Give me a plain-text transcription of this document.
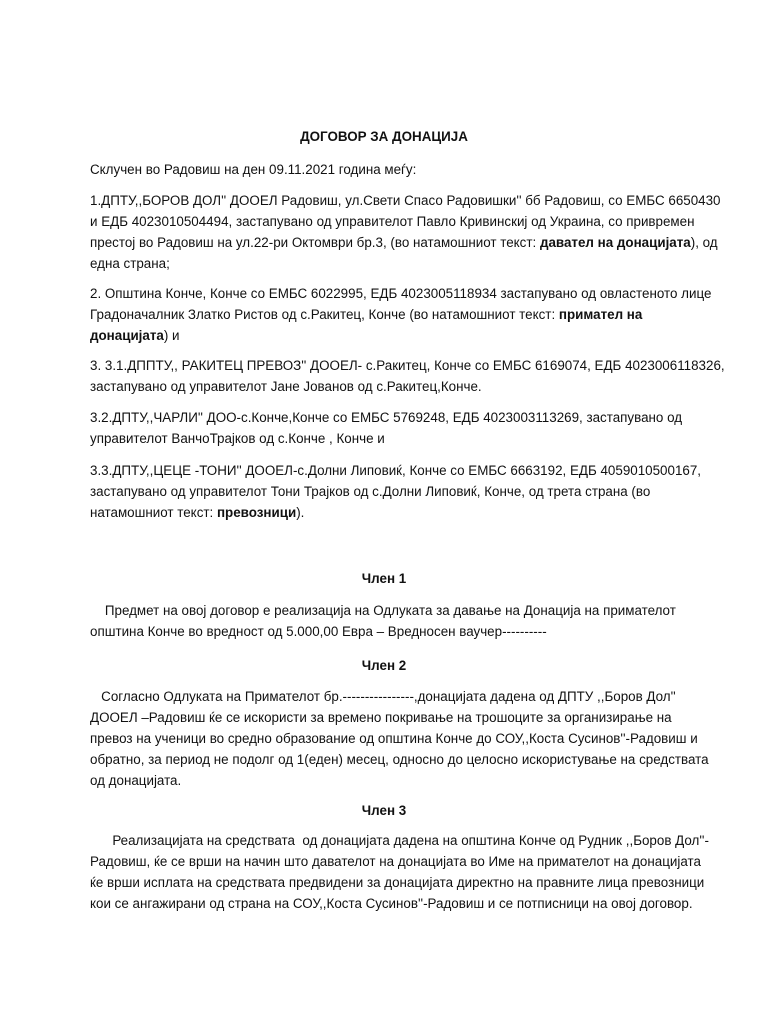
ДОГОВОР ЗА ДОНАЦИЈА
Склучен во Радовиш на ден 09.11.2021 година меѓу:
1.ДПТУ,,БОРОВ ДОЛ'' ДООЕЛ Радовиш, ул.Свети Спасо Радовишки'' бб Радовиш, со ЕМБС 6650430
и ЕДБ 4023010504494, застапувано од управителот Павло Кривинскиј од Украина, со привремен
престој во Радовиш на ул.22-ри Октомври бр.3, (во натамошниот текст: давател на донацијата), од
една страна;
2. Општина Конче, Конче со ЕМБС 6022995, ЕДБ 4023005118934 застапувано од овластеното лице
Градоначалник Златко Ристов од с.Ракитец, Конче (во натамошниот текст: примател на
донацијата) и
3. 3.1.ДППТУ,, РАКИТЕЦ ПРЕВОЗ'' ДООЕЛ- с.Ракитец, Конче со ЕМБС 6169074, ЕДБ 4023006118326,
застапувано од управителот Јане Јованов од с.Ракитец,Конче.
3.2.ДПТУ,,ЧАРЛИ'' ДОО-с.Конче,Конче со ЕМБС 5769248, ЕДБ 4023003113269, застапувано од
управителот ВанчоТрајков од с.Конче , Конче и
3.3.ДПТУ,,ЦЕЦЕ -ТОНИ'' ДООЕЛ-с.Долни Липовиќ, Конче со ЕМБС 6663192, ЕДБ 4059010500167,
застапувано од управителот Тони Трајков од с.Долни Липовиќ, Конче, од трета страна (во
натамошниот текст: превозници).
Член 1
Предмет на овој договор е реализација на Одлуката за давање на Донација на примателот
општина Конче во вредност од 5.000,00 Евра – Вредносен ваучер----------
Член 2
Согласно Одлуката на Примателот бр.----------------,донацијата дадена од ДПТУ ,,Боров Дол''
ДООЕЛ –Радовиш ќе се искористи за времено покривање на трошоците за организирање на
превоз на ученици во средно образование од општина Конче до СОУ,,Коста Сусинов''-Радовиш и
обратно, за период не подолг од 1(еден) месец, односно до целосно искористување на средствата
од донацијата.
Член 3
Реализацијата на средствата  од донацијата дадена на општина Конче од Рудник ,,Боров Дол''-
Радовиш, ќе се врши на начин што давателот на донацијата во Име на примателот на донацијата
ќе врши исплата на средствата предвидени за донацијата директно на правните лица превозници
кои се ангажирани од страна на СОУ,,Коста Сусинов''-Радовиш и се потписници на овој договор.
